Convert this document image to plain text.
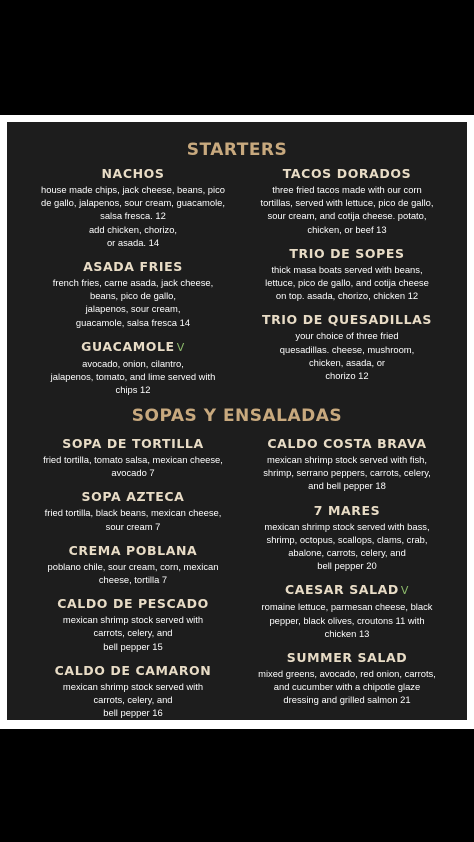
STARTERS
NACHOS

house made chips, jack cheese, beans, pico
de gallo, jalapenos, sour cream, guacamole,
salsa fresca. 12
add chicken, chorizo,
or asada. 14

ASADA FRIES

french fries, carne asada, jack cheese,
beans, pico de gallo,
jalapenos, sour cream,
guacamole, salsa fresca 14

GUACAMOLE V

avocado, onion, cilantro,
jalapenos, tomato, and lime served with
chips 12

TACOS DORADOS

three fried tacos made with our corn
tortillas, served with lettuce, pico de gallo,
sour cream, and cotija cheese. potato,
chicken, or beef 13

TRIO DE SOPES

thick masa boats served with beans,
lettuce, pico de gallo, and cotija cheese
on top. asada, chorizo, chicken 12

TRIO DE QUESADILLAS

your choice of three fried
quesadillas. cheese, mushroom,
chicken, asada, or
chorizo 12

SOPAS Y ENSALADAS
SOPA DE TORTILLA

fried tortilla, tomato salsa, mexican cheese,
avocado 7

SOPA AZTECA

fried tortilla, black beans, mexican cheese,
sour cream 7

CREMA POBLANA

poblano chile, sour cream, corn, mexican
cheese, tortilla 7

CALDO DE PESCADO

mexican shrimp stock served with
carrots, celery, and
bell pepper 15

CALDO DE CAMARON

mexican shrimp stock served with
carrots, celery, and
bell pepper 16

CALDO COSTA BRAVA

mexican shrimp stock served with fish,
shrimp, serrano peppers, carrots, celery,
and bell pepper 18

7 MARES

mexican shrimp stock served with bass,
shrimp, octopus, scallops, clams, crab,
abalone, carrots, celery, and
bell pepper 20

CAESAR SALAD V

romaine lettuce, parmesan cheese, black
pepper, black olives, croutons 11 with
chicken 13

SUMMER SALAD

mixed greens, avocado, red onion, carrots,
and cucumber with a chipotle glaze
dressing and grilled salmon 21
